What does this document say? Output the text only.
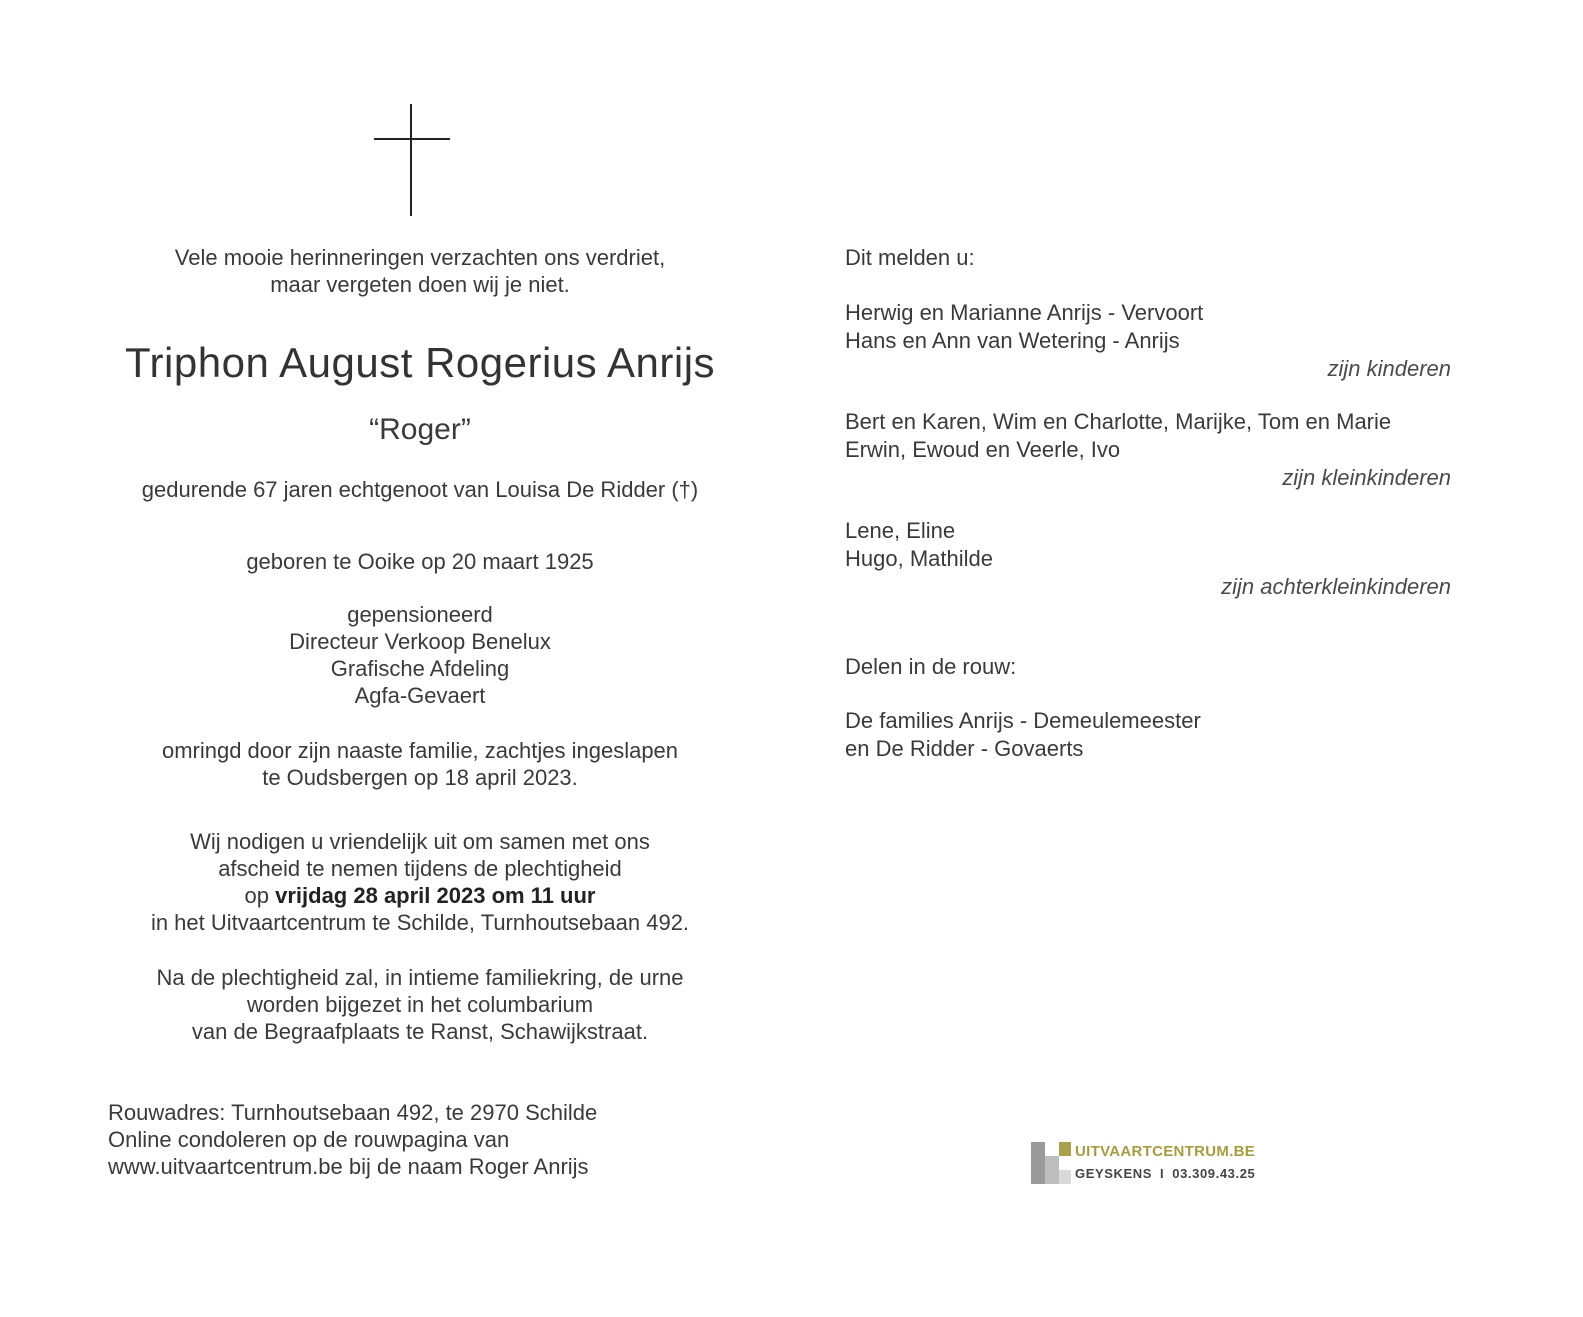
Vele mooie herinneringen verzachten ons verdriet,

maar vergeten doen wij je niet.

Triphon August Rogerius Anrijs
“Roger”
gedurende 67 jaren echtgenoot van Louisa De Ridder (†)
geboren te Ooike op 20 maart 1925

gepensioneerd

Directeur Verkoop Benelux

Grafische Afdeling

Agfa-Gevaert

omringd door zijn naaste familie, zachtjes ingeslapen

te Oudsbergen op 18 april 2023.

Wij nodigen u vriendelijk uit om samen met ons

afscheid te nemen tijdens de plechtigheid

op vrijdag 28 april 2023 om 11 uur

in het Uitvaartcentrum te Schilde, Turnhoutsebaan 492.

Na de plechtigheid zal, in intieme familiekring, de urne

worden bijgezet in het columbarium

van de Begraafplaats te Ranst, Schawijkstraat.

Rouwadres: Turnhoutsebaan 492, te 2970 Schilde

Online condoleren op de rouwpagina van

www.uitvaartcentrum.be bij de naam Roger Anrijs

Dit melden u:

Herwig en Marianne Anrijs - Vervoort

Hans en Ann van Wetering - Anrijs

zijn kinderen

Bert en Karen, Wim en Charlotte, Marijke, Tom en Marie

Erwin, Ewoud en Veerle, Ivo

zijn kleinkinderen

Lene, Eline

Hugo, Mathilde

zijn achterkleinkinderen

Delen in de rouw:

De families Anrijs - Demeulemeester

en De Ridder - Govaerts

UITVAARTCENTRUM.BE
GEYSKENS I 03.309.43.25
